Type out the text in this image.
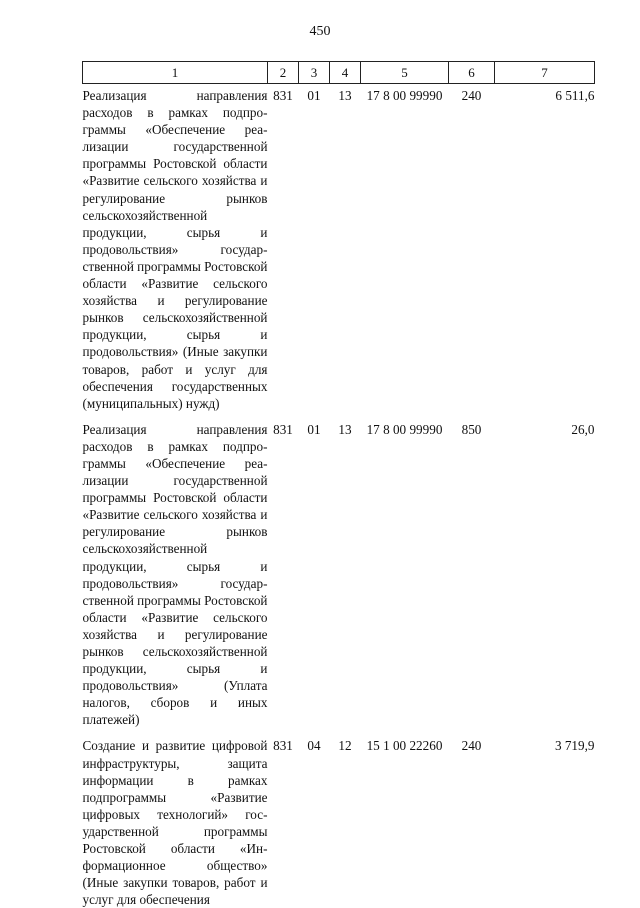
450
1	2	3	4	5	6	7
Реализация направления расходов в рамках подпрограммы «Обеспечение реализации государственной программы Ростовской области «Развитие сельского хозяйства и регулирование рынков сельскохозяйственной продукции, сырья и продовольствия» государственной программы Ростовской области «Развитие сельского хозяйства и регулирование рынков сельскохозяйственной продукции, сырья и продовольствия» (Иные закупки товаров, работ и услуг для обеспечения государственных (муниципальных) нужд)	831	01	13	17 8 00 99990	240	6 511,6
Реализация направления расходов в рамках подпрограммы «Обеспечение реализации государственной программы Ростовской области «Развитие сельского хозяйства и регулирование рынков сельскохозяйственной продукции, сырья и продовольствия» государственной программы Ростовской области «Развитие сельского хозяйства и регулирование рынков сельскохозяйственной продукции, сырья и продовольствия» (Уплата налогов, сборов и иных платежей)	831	01	13	17 8 00 99990	850	26,0
Создание и развитие цифровой инфраструктуры, защита информации в рамках подпрограммы «Развитие цифровых технологий» государственной программы Ростовской области «Информационное общество» (Иные закупки товаров, работ и услуг для обеспечения	831	04	12	15 1 00 22260	240	3 719,9
